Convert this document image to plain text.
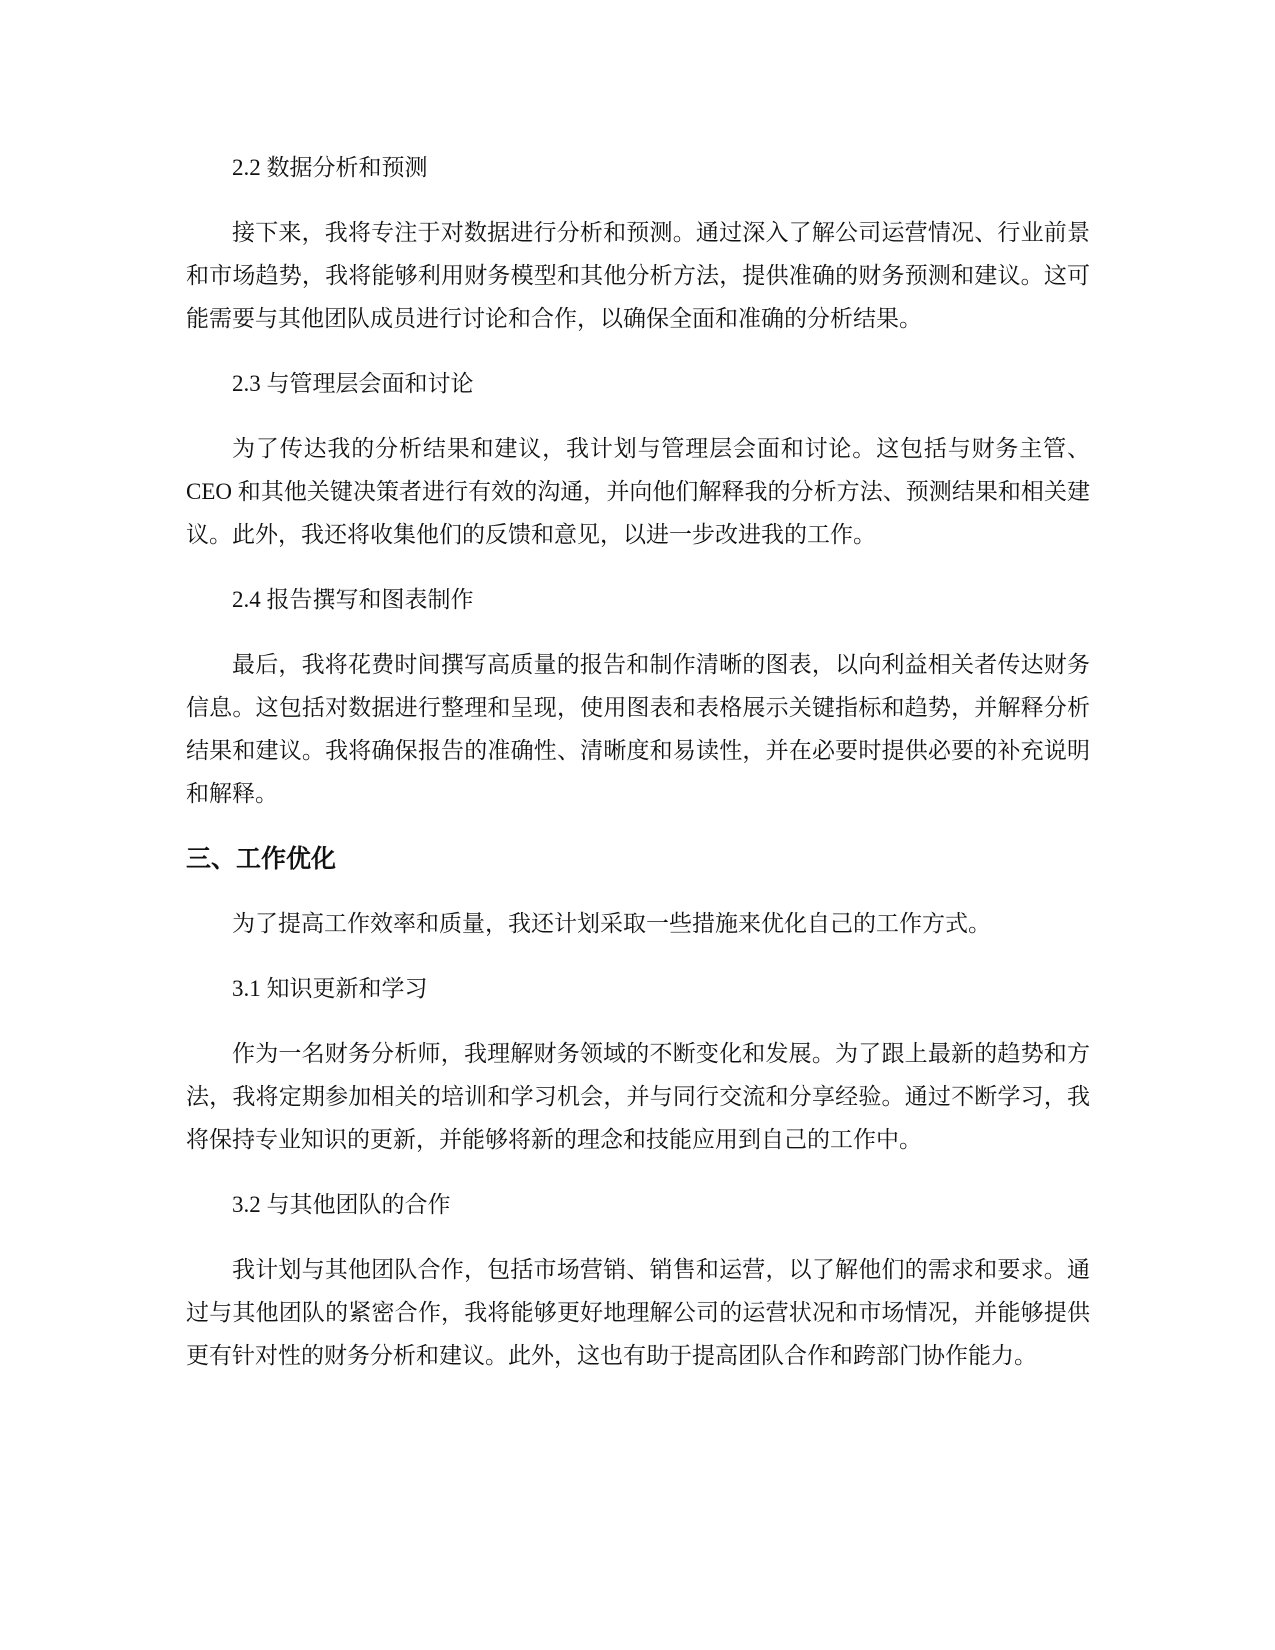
2.2 数据分析和预测

接下来，我将专注于对数据进行分析和预测。通过深入了解公司运营情况、行业前景和市场趋势，我将能够利用财务模型和其他分析方法，提供准确的财务预测和建议。这可能需要与其他团队成员进行讨论和合作，以确保全面和准确的分析结果。

2.3 与管理层会面和讨论

为了传达我的分析结果和建议，我计划与管理层会面和讨论。这包括与财务主管、CEO 和其他关键决策者进行有效的沟通，并向他们解释我的分析方法、预测结果和相关建议。此外，我还将收集他们的反馈和意见，以进一步改进我的工作。

2.4 报告撰写和图表制作

最后，我将花费时间撰写高质量的报告和制作清晰的图表，以向利益相关者传达财务信息。这包括对数据进行整理和呈现，使用图表和表格展示关键指标和趋势，并解释分析结果和建议。我将确保报告的准确性、清晰度和易读性，并在必要时提供必要的补充说明和解释。

三、工作优化

为了提高工作效率和质量，我还计划采取一些措施来优化自己的工作方式。

3.1 知识更新和学习

作为一名财务分析师，我理解财务领域的不断变化和发展。为了跟上最新的趋势和方法，我将定期参加相关的培训和学习机会，并与同行交流和分享经验。通过不断学习，我将保持专业知识的更新，并能够将新的理念和技能应用到自己的工作中。

3.2 与其他团队的合作

我计划与其他团队合作，包括市场营销、销售和运营，以了解他们的需求和要求。通过与其他团队的紧密合作，我将能够更好地理解公司的运营状况和市场情况，并能够提供更有针对性的财务分析和建议。此外，这也有助于提高团队合作和跨部门协作能力。
